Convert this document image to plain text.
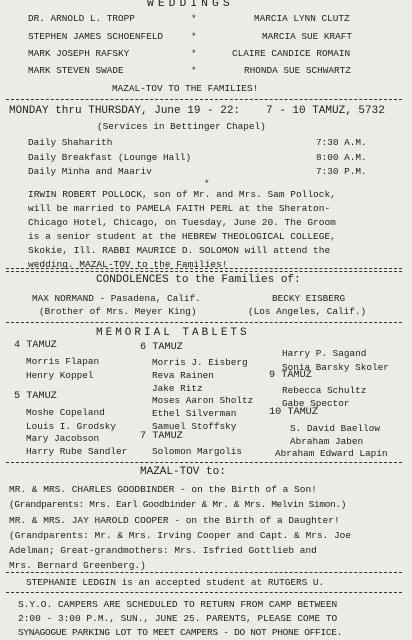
WEDDINGS
DR. ARNOLD L. TROPP	*	MARCIA LYNN CLUTZ
STEPHEN JAMES SCHOENFELD	*	MARCIA SUE KRAFT
MARK JOSEPH RAFSKY	*	CLAIRE CANDICE ROMAIN
MARK STEVEN SWADE	*	RHONDA SUE SCHWARTZ
MAZAL-TOV TO THE FAMILIES!
MONDAY thru THURSDAY, June 19 - 22: 7 - 10 TAMUZ, 5732
(Services in Bettinger Chapel)
Daily Shaharith	7:30 A.M.
Daily Breakfast (Lounge Hall)	8:00 A.M.
Daily Minha and Maariv	7:30 P.M.
*
IRWIN ROBERT POLLOCK, son of Mr. and Mrs. Sam Pollock,
will be married to PAMELA FAITH PERL at the Sheraton-
Chicago Hotel, Chicago, on Tuesday, June 20. The Groom
is a senior student at the HEBREW THEOLOGICAL COLLEGE,
Skokie, Ill. RABBI MAURICE D. SOLOMON will attend the
wedding. MAZAL-TOV to the Families!
CONDOLENCES to the Families of:
MAX NORMAND - Pasadena, Calif.
(Brother of Mrs. Meyer King)
BECKY EISBERG
(Los Angeles, Calif.)
MEMORIAL TABLETS
4 TAMUZ
Morris Flapan
Henry Koppel
5 TAMUZ
Moshe Copeland
Louis I. Grodsky
Mary Jacobson
Harry Rube Sandler
6 TAMUZ
Morris J. Eisberg
Reva Rainen
Jake Ritz
Moses Aaron Sholtz
Ethel Silverman
Samuel Stoffsky
7 TAMUZ
Solomon Margolis
Harry P. Sagand
Sonia Barsky Skoler
9 TAMUZ
Rebecca Schultz
Gabe Spector
10 TAMUZ
S. David Baellow
Abraham Jaben
Abraham Edward Lapin
MAZAL-TOV to:
MR. & MRS. CHARLES GOODBINDER - on the Birth of a Son!
(Grandparents: Mrs. Earl Goodbinder & Mr. & Mrs. Melvin Simon.)
MR. & MRS. JAY HAROLD COOPER - on the Birth of a Daughter!
(Grandparents: Mr. & Mrs. Irving Cooper and Capt. & Mrs. Joe
Adelman; Great-grandmothers: Mrs. Isfried Gottlieb and
Mrs. Bernard Greenberg.)
STEPHANIE LEDGIN is an accepted student at RUTGERS U.
S.Y.O. CAMPERS ARE SCHEDULED TO RETURN FROM CAMP BETWEEN
2:00 - 3:00 P.M., SUN., JUNE 25. PARENTS, PLEASE COME TO
SYNAGOGUE PARKING LOT TO MEET CAMPERS - DO NOT PHONE OFFICE.
